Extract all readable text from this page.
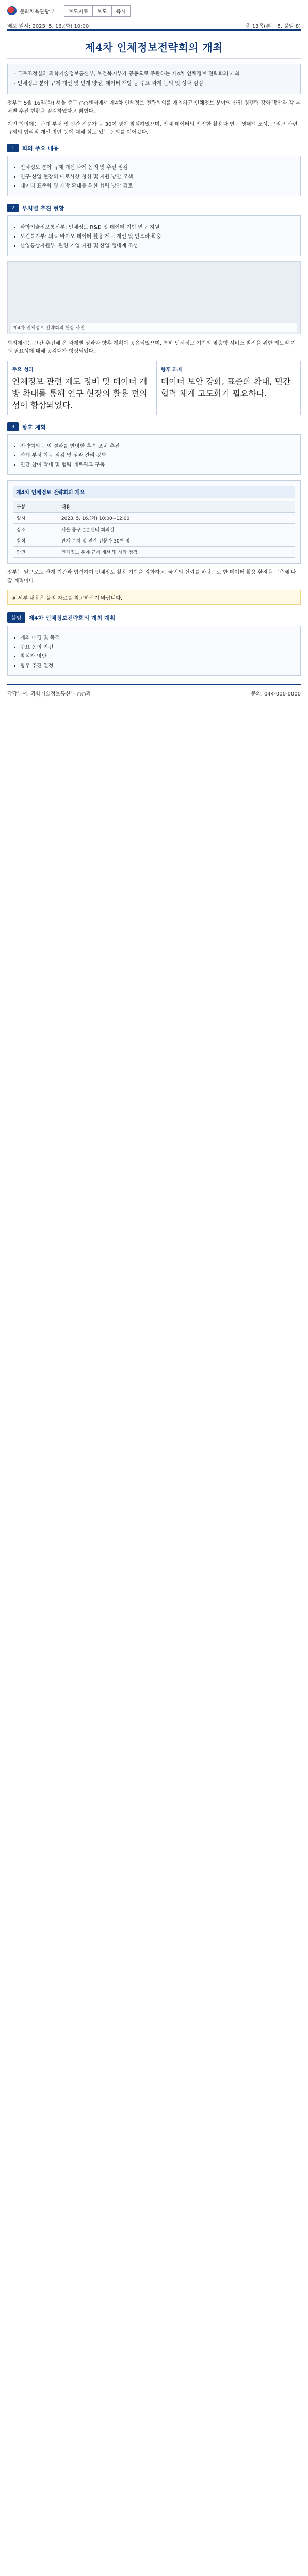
문화체육관광부	보도자료	보도	즉시
배포 일시: 2023. 5. 16.(화) 10:00	총 13쪽(본문 5, 붙임 8)
제4차 인체정보전략회의 개최

- 국무조정실과 과학기술정보통신부, 보건복지부가 공동으로 주관하는 제4차 인체정보 전략회의 개최

- 인체정보 분야 규제 개선 및 인재 양성, 데이터 개방 등 주요 과제 논의 및 성과 점검

정부는 5월 16일(화) 서울 중구 ○○센터에서 제4차 인체정보 전략회의를 개최하고 인체정보 분야의 산업 경쟁력 강화 방안과 각 부처별 추진 현황을 점검하였다고 밝혔다.

이번 회의에는 관계 부처 및 민간 전문가 등 30여 명이 참석하였으며, 인체 데이터의 안전한 활용과 연구 생태계 조성, 그리고 관련 규제의 합리적 개선 방안 등에 대해 심도 있는 논의를 이어갔다.

1	회의 주요 내용
• 인체정보 분야 규제 개선 과제 논의 및 추진 점검
• 연구·산업 현장의 애로사항 청취 및 지원 방안 모색
• 데이터 표준화 및 개방 확대를 위한 협력 방안 검토
2	부처별 추진 현황
• 과학기술정보통신부: 인체정보 R&D 및 데이터 기반 연구 지원
• 보건복지부: 의료·바이오 데이터 활용 제도 개선 및 인프라 확충
• 산업통상자원부: 관련 기업 지원 및 산업 생태계 조성
제4차 인체정보 전략회의 현장 사진

회의에서는 그간 추진해 온 과제별 성과와 향후 계획이 공유되었으며, 특히 인체정보 기반의 맞춤형 서비스 발전을 위한 제도적 지원 필요성에 대해 공감대가 형성되었다.

주요 성과
인체정보 관련 제도 정비 및 데이터 개방 확대를 통해 연구 현장의 활용 편의성이 향상되었다.
향후 과제
데이터 보안 강화, 표준화 확대, 민간 협력 체계 고도화가 필요하다.
3	향후 계획
• 전략회의 논의 결과를 반영한 후속 조치 추진
• 관계 부처 합동 점검 및 성과 관리 강화
• 민간 참여 확대 및 협력 네트워크 구축
제4차 인체정보 전략회의 개요
구분	내용
일시	2023. 5. 16.(화) 10:00~12:00
장소	서울 중구 ○○센터 회의실
참석	관계 부처 및 민간 전문가 30여 명
안건	인체정보 분야 규제 개선 및 성과 점검

정부는 앞으로도 관계 기관과 협력하여 인체정보 활용 기반을 강화하고, 국민의 신뢰를 바탕으로 한 데이터 활용 환경을 구축해 나갈 계획이다.

※ 세부 내용은 붙임 자료를 참고하시기 바랍니다.
붙임	제4차 인체정보전략회의 개최 계획
• 개최 배경 및 목적
• 주요 논의 안건
• 참석자 명단
• 향후 추진 일정
담당부서: 과학기술정보통신부 ○○과	문의: 044-000-0000
